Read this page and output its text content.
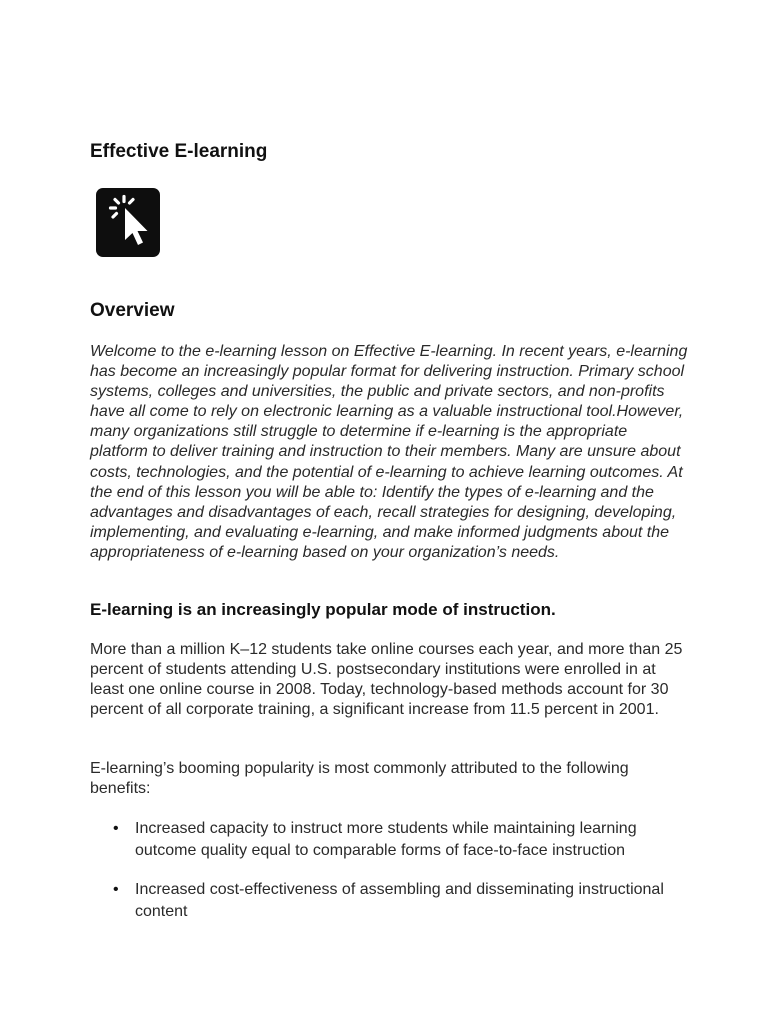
Effective E-learning
Overview

Welcome to the e-learning lesson on Effective E-learning. In recent years, e-learning has become an increasingly popular format for delivering instruction. Primary school systems, colleges and universities, the public and private sectors, and non-profits have all come to rely on electronic learning as a valuable instructional tool.However, many organizations still struggle to determine if e-learning is the appropriate platform to deliver training and instruction to their members. Many are unsure about costs, technologies, and the potential of e-learning to achieve learning outcomes. At the end of this lesson you will be able to: Identify the types of e-learning and the advantages and disadvantages of each, recall strategies for designing, developing, implementing, and evaluating e-learning, and make informed judgments about the appropriateness of e-learning based on your organization’s needs.

E-learning is an increasingly popular mode of instruction.

More than a million K–12 students take online courses each year, and more than 25 percent of students attending U.S. postsecondary institutions were enrolled in at least one online course in 2008. Today, technology-based methods account for 30 percent of all corporate training, a significant increase from 11.5 percent in 2001.

E-learning’s booming popularity is most commonly attributed to the following benefits:

• Increased capacity to instruct more students while maintaining learning outcome quality equal to comparable forms of face-to-face instruction
• Increased cost-effectiveness of assembling and disseminating instructional content
